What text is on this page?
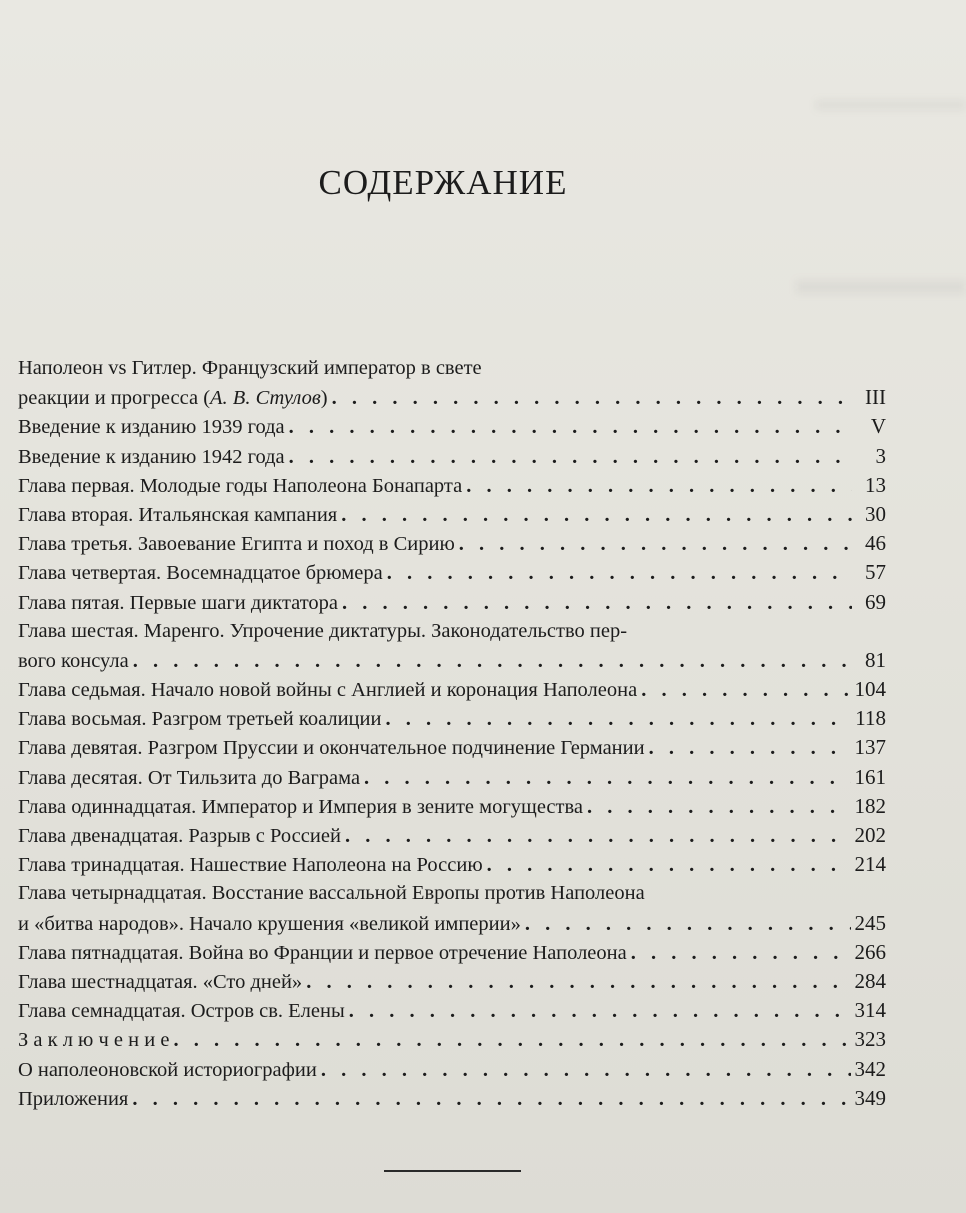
СОДЕРЖАНИЕ
Наполеон vs Гитлер. Французский император в свете
реакции и прогресса (А. В. Стулов) . . .	III
Введение к изданию 1939 года . . .	V
Введение к изданию 1942 года . . .	3
Глава первая. Молодые годы Наполеона Бонапарта . . .	13
Глава вторая. Итальянская кампания . . .	30
Глава третья. Завоевание Египта и поход в Сирию . . .	46
Глава четвертая. Восемнадцатое брюмера . . .	57
Глава пятая. Первые шаги диктатора . . .	69
Глава шестая. Маренго. Упрочение диктатуры. Законодательство пер-
вого консула . . .	81
Глава седьмая. Начало новой войны с Англией и коронация Наполеона . . .	104
Глава восьмая. Разгром третьей коалиции . . .	118
Глава девятая. Разгром Пруссии и окончательное подчинение Германии . . .	137
Глава десятая. От Тильзита до Ваграма . . .	161
Глава одиннадцатая. Император и Империя в зените могущества . . .	182
Глава двенадцатая. Разрыв с Россией . . .	202
Глава тринадцатая. Нашествие Наполеона на Россию . . .	214
Глава четырнадцатая. Восстание вассальной Европы против Наполеона
и «битва народов». Начало крушения «великой империи» . . .	245
Глава пятнадцатая. Война во Франции и первое отречение Наполеона . . .	266
Глава шестнадцатая. «Сто дней» . . .	284
Глава семнадцатая. Остров св. Елены . . .	314
З а к л ю ч е н и е . . .	323
О наполеоновской историографии . . .	342
Приложения . . .	349
